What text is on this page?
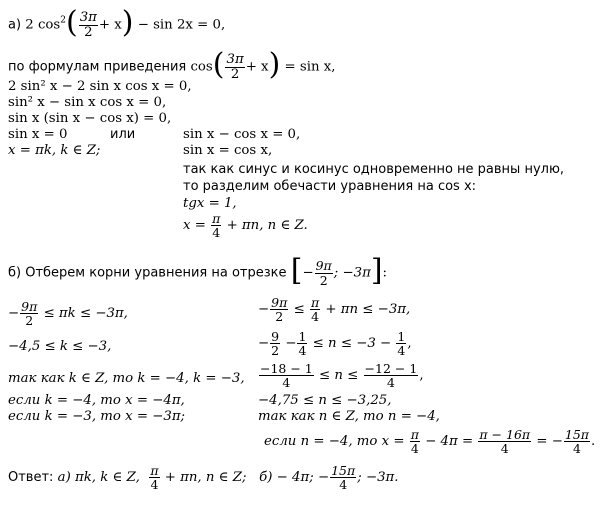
а) 2 $\cos^2( \frac{3\pi}{2} + x) - \sin 2x = 0$,
по формулам приведения $\cos( \frac{3\pi}{2} + x) = \sin x$,
2 sin² x − 2 sin x cos x = 0,
sin² x − sin x cos x = 0,
sin x (sin x − cos x) = 0,
sin x = 0	или	sin x − cos x = 0,
x = πk, k ∈ Z;	sin x = cos x,
так как синус и косинус одновременно не равны нулю,
то разделим обечасти уравнения на cos x:
tgx = 1,
$x = \frac{\pi}{4} + \pi n$, n ∈ Z.
б) Отберем корни уравнения на отрезке [− $\frac{9\pi}{2}$ ; −3π]:
− $\frac{9\pi}{2} \le \pi k \le -3\pi$,
−4,5 ≤ k ≤ −3,
так как k ∈ Z, то k = −4, k = −3,
если k = −4, то x = −4π,
если k = −3, то x = −3π;
− $\frac{9\pi}{2} \le \frac{\pi}{4} + \pi n \le -3\pi$,
− $\frac{9}{2} - \frac{1}{4} \le n \le -3 - \frac{1}{4}$ ,
$\frac{-18 - 1}{4} \le n \le \frac{-12 - 1}{4}$ ,
−4,75 ≤ n ≤ −3,25,
так как n ∈ Z, то n = −4,
если n = −4, то $x = \frac{\pi}{4} - 4\pi = \frac{\pi - 16\pi}{4}$ = − $\frac{15\pi}{4}$ .
Ответ: а) πk, k ∈ Z, $\frac{\pi}{4} + \pi n$, n ∈ Z; б) − 4π; − $\frac{15\pi}{4}$ ; −3π.
